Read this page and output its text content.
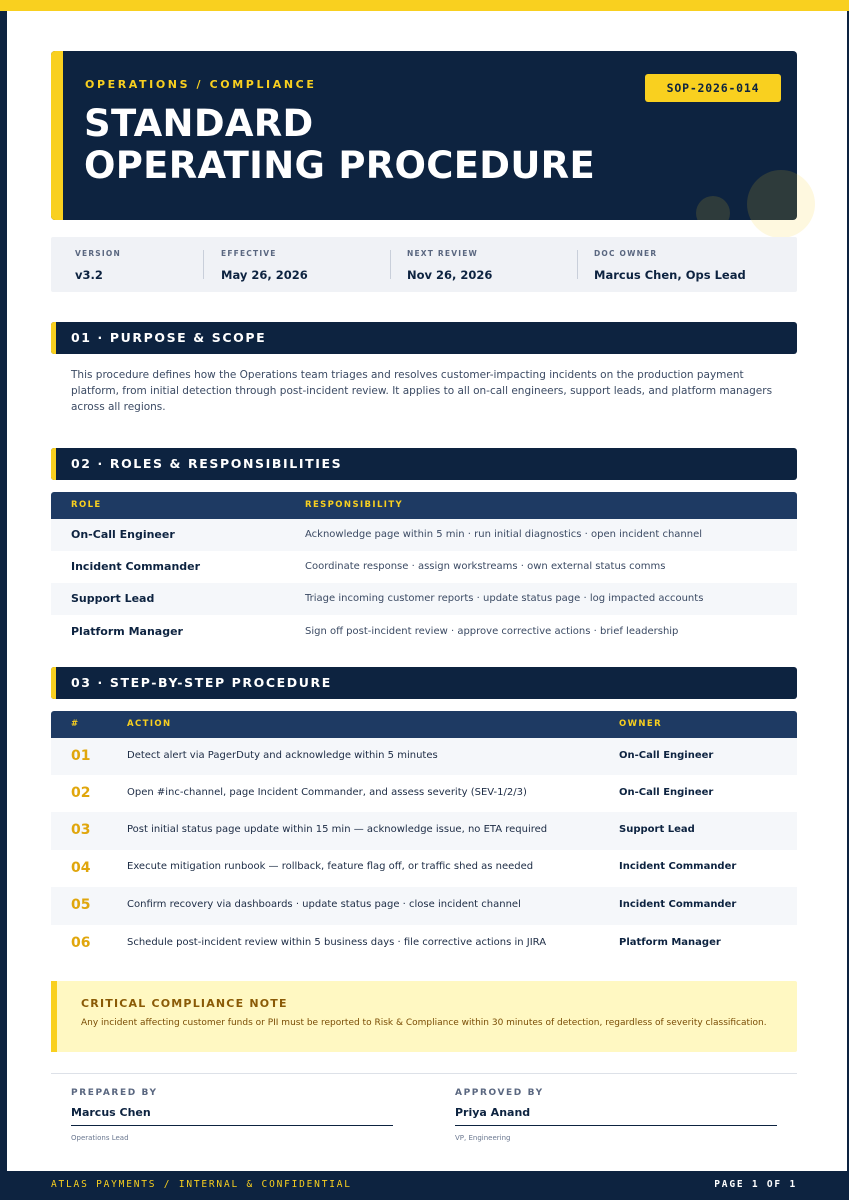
OPERATIONS / COMPLIANCE
STANDARD
OPERATING PROCEDURE
SOP-2026-014
VERSION
v3.2
EFFECTIVE
May 26, 2026
NEXT REVIEW
Nov 26, 2026
DOC OWNER
Marcus Chen, Ops Lead
01 · PURPOSE & SCOPE
This procedure defines how the Operations team triages and resolves customer-impacting incidents on the production payment platform, from initial detection through post-incident review. It applies to all on-call engineers, support leads, and platform managers across all regions.
02 · ROLES & RESPONSIBILITIES
ROLE	RESPONSIBILITY
On-Call Engineer	Acknowledge page within 5 min · run initial diagnostics · open incident channel
Incident Commander	Coordinate response · assign workstreams · own external status comms
Support Lead	Triage incoming customer reports · update status page · log impacted accounts
Platform Manager	Sign off post-incident review · approve corrective actions · brief leadership
03 · STEP-BY-STEP PROCEDURE
#	ACTION	OWNER
01	Detect alert via PagerDuty and acknowledge within 5 minutes	On-Call Engineer
02	Open #inc-channel, page Incident Commander, and assess severity (SEV-1/2/3)	On-Call Engineer
03	Post initial status page update within 15 min — acknowledge issue, no ETA required	Support Lead
04	Execute mitigation runbook — rollback, feature flag off, or traffic shed as needed	Incident Commander
05	Confirm recovery via dashboards · update status page · close incident channel	Incident Commander
06	Schedule post-incident review within 5 business days · file corrective actions in JIRA	Platform Manager
CRITICAL COMPLIANCE NOTE
Any incident affecting customer funds or PII must be reported to Risk & Compliance within 30 minutes of detection, regardless of severity classification.
PREPARED BY
Marcus Chen
Operations Lead
APPROVED BY
Priya Anand
VP, Engineering
ATLAS PAYMENTS / INTERNAL & CONFIDENTIAL	PAGE 1 OF 1
